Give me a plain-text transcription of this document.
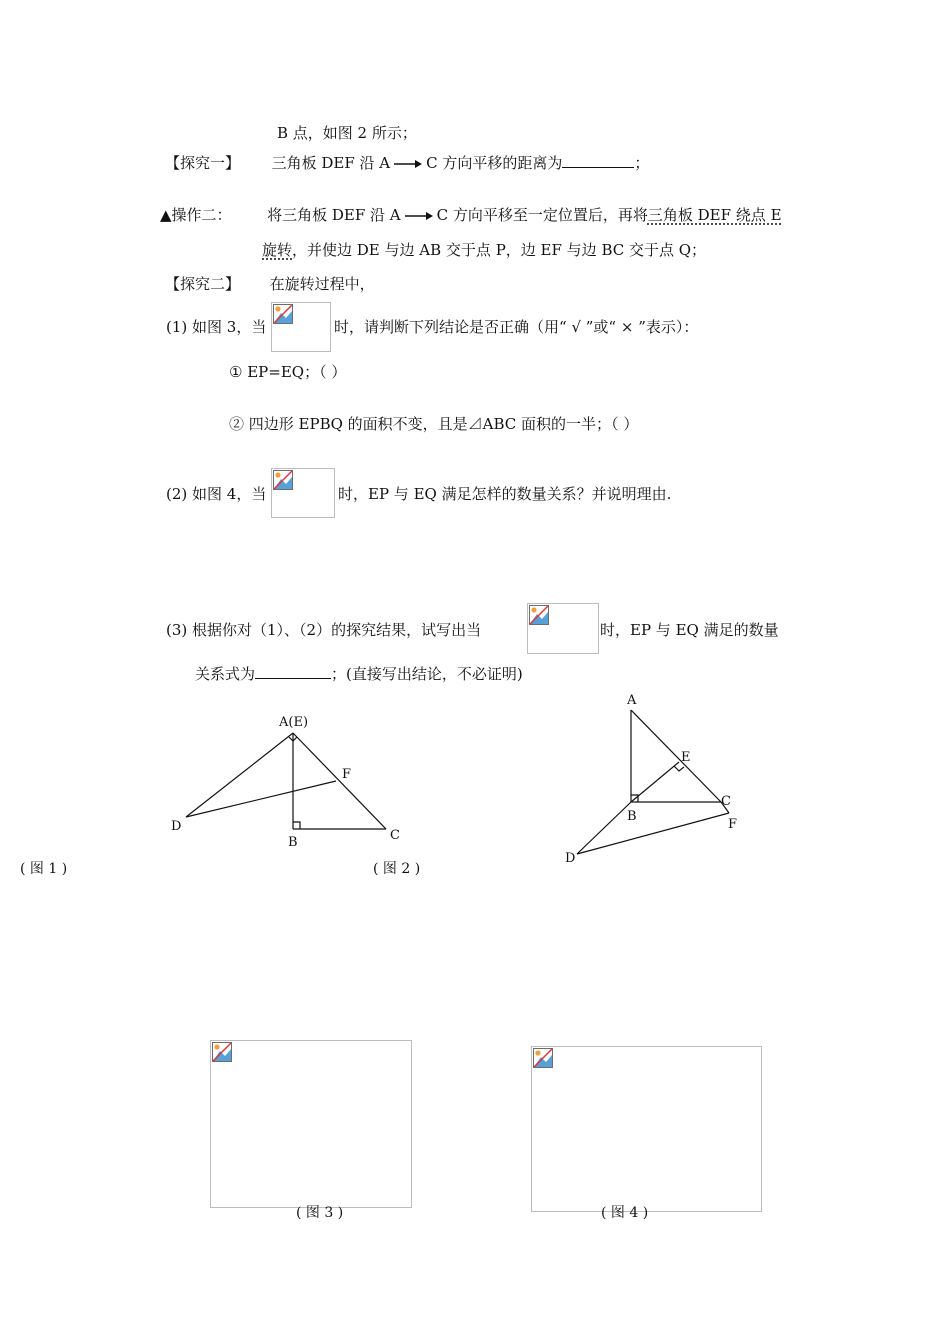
B 点，如图 2 所示；
【探究一】 三角板 DEF 沿 A C 方向平移的距离为	；
▲操作二： 将三角板 DEF 沿 A C 方向平移至一定位置后，再将三角板 DEF 绕点 E
旋转，并使边 DE 与边 AB 交于点 P，边 EF 与边 BC 交于点 Q；
【探究二】 在旋转过程中，
(1) 如图 3，当	时，请判断下列结论是否正确（用“ √ ”或“ × ”表示）：
① EP=EQ；（ ）
② 四边形 EPBQ 的面积不变，且是⊿ABC 面积的一半；（ ）
(2) 如图 4，当	时，EP 与 EQ 满足怎样的数量关系？并说明理由.
(3) 根据你对（1）、（2）的探究结果，试写出当	时，EP 与 EQ 满足的数量
关系式为	；(直接写出结论，不必证明)
A(E)
F
D
B	C
( 图 1 )	( 图 2 )
A
E
C
B
F
D
( 图 3 )	( 图 4 )
